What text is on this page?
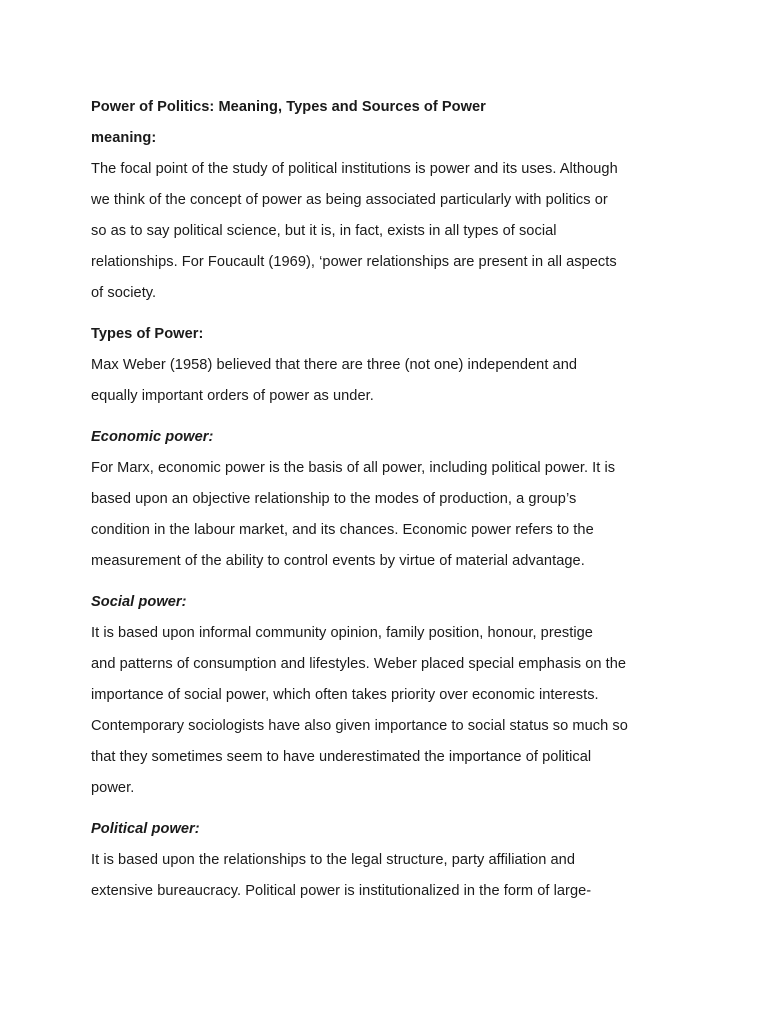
Power of Politics: Meaning, Types and Sources of Power
meaning:
The focal point of the study of political institutions is power and its uses. Although
we think of the concept of power as being associated particularly with politics or
so as to say political science, but it is, in fact, exists in all types of social
relationships. For Foucault (1969), ‘power relationships are present in all aspects
of society.
Types of Power:
Max Weber (1958) believed that there are three (not one) independent and
equally important orders of power as under.
Economic power:
For Marx, economic power is the basis of all power, including political power. It is
based upon an objective relationship to the modes of production, a group’s
condition in the labour market, and its chances. Economic power refers to the
measurement of the ability to control events by virtue of material advantage.
Social power:
It is based upon informal community opinion, family position, honour, prestige
and patterns of consumption and lifestyles. Weber placed special emphasis on the
importance of social power, which often takes priority over economic interests.
Contemporary sociologists have also given importance to social status so much so
that they sometimes seem to have underestimated the importance of political
power.
Political power:
It is based upon the relationships to the legal structure, party affiliation and
extensive bureaucracy. Political power is institutionalized in the form of large-
